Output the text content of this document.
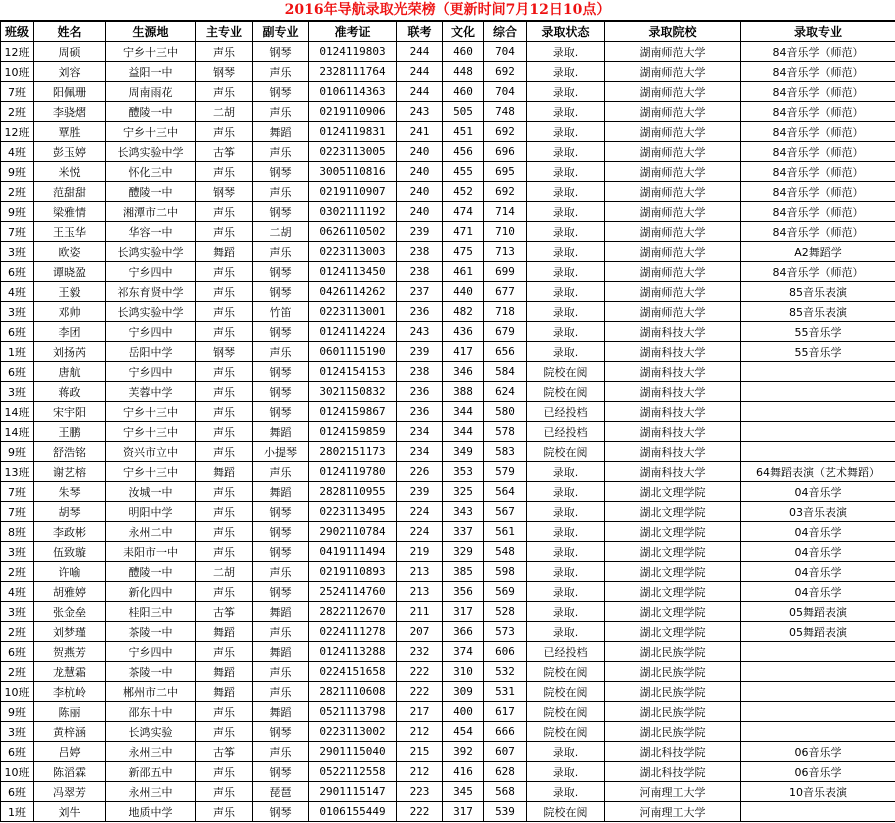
2016年导航录取光荣榜（更新时间7月12日10点）
班级	姓名	生源地	主专业	副专业	准考证	联考	文化	综合	录取状态	录取院校	录取专业
12班	周硕	宁乡十三中	声乐	钢琴	0124119803	244	460	704	录取.	湖南师范大学	84音乐学（师范）
10班	刘容	益阳一中	钢琴	声乐	2328111764	244	448	692	录取.	湖南师范大学	84音乐学（师范）
7班	阳佩珊	周南雨花	声乐	钢琴	0106114363	244	460	704	录取.	湖南师范大学	84音乐学（师范）
2班	李骁熠	醴陵一中	二胡	声乐	0219110906	243	505	748	录取.	湖南师范大学	84音乐学（师范）
12班	覃胜	宁乡十三中	声乐	舞蹈	0124119831	241	451	692	录取.	湖南师范大学	84音乐学（师范）
4班	彭玉婷	长鸿实验中学	古筝	声乐	0223113005	240	456	696	录取.	湖南师范大学	84音乐学（师范）
9班	米悦	怀化三中	声乐	钢琴	3005110816	240	455	695	录取.	湖南师范大学	84音乐学（师范）
2班	范甜甜	醴陵一中	钢琴	声乐	0219110907	240	452	692	录取.	湖南师范大学	84音乐学（师范）
9班	梁雅情	湘潭市二中	声乐	钢琴	0302111192	240	474	714	录取.	湖南师范大学	84音乐学（师范）
7班	王玉华	华容一中	声乐	二胡	0626110502	239	471	710	录取.	湖南师范大学	84音乐学（师范）
3班	欧姿	长鸿实验中学	舞蹈	声乐	0223113003	238	475	713	录取.	湖南师范大学	A2舞蹈学
6班	谭晓盈	宁乡四中	声乐	钢琴	0124113450	238	461	699	录取.	湖南师范大学	84音乐学（师范）
4班	王毅	祁东育贤中学	声乐	钢琴	0426114262	237	440	677	录取.	湖南师范大学	85音乐表演
3班	邓帅	长鸿实验中学	声乐	竹笛	0223113001	236	482	718	录取.	湖南师范大学	85音乐表演
6班	李团	宁乡四中	声乐	钢琴	0124114224	243	436	679	录取.	湖南科技大学	55音乐学
1班	刘扬芮	岳阳中学	钢琴	声乐	0601115190	239	417	656	录取.	湖南科技大学	55音乐学
6班	唐航	宁乡四中	声乐	钢琴	0124154153	238	346	584	院校在阅	湖南科技大学	
3班	蒋政	芙蓉中学	声乐	钢琴	3021150832	236	388	624	院校在阅	湖南科技大学	
14班	宋宇阳	宁乡十三中	声乐	钢琴	0124159867	236	344	580	已经投档	湖南科技大学	
14班	王鹏	宁乡十三中	声乐	舞蹈	0124159859	234	344	578	已经投档	湖南科技大学	
9班	舒浩铭	资兴市立中	声乐	小提琴	2802151173	234	349	583	院校在阅	湖南科技大学	
13班	谢艺榕	宁乡十三中	舞蹈	声乐	0124119780	226	353	579	录取.	湖南科技大学	64舞蹈表演（艺术舞蹈）
7班	朱琴	汝城一中	声乐	舞蹈	2828110955	239	325	564	录取.	湖北文理学院	04音乐学
7班	胡琴	明阳中学	声乐	钢琴	0223113495	224	343	567	录取.	湖北文理学院	03音乐表演
8班	李政彬	永州二中	声乐	钢琴	2902110784	224	337	561	录取.	湖北文理学院	04音乐学
3班	伍致璇	耒阳市一中	声乐	钢琴	0419111494	219	329	548	录取.	湖北文理学院	04音乐学
2班	许喻	醴陵一中	二胡	声乐	0219110893	213	385	598	录取.	湖北文理学院	04音乐学
4班	胡雅婷	新化四中	声乐	钢琴	2524114760	213	356	569	录取.	湖北文理学院	04音乐学
3班	张金垒	桂阳三中	古筝	舞蹈	2822112670	211	317	528	录取.	湖北文理学院	05舞蹈表演
2班	刘梦瑾	茶陵一中	舞蹈	声乐	0224111278	207	366	573	录取.	湖北文理学院	05舞蹈表演
6班	贺燕芳	宁乡四中	声乐	舞蹈	0124113288	232	374	606	已经投档	湖北民族学院	
2班	龙慧霜	茶陵一中	舞蹈	声乐	0224151658	222	310	532	院校在阅	湖北民族学院	
10班	李杭岭	郴州市二中	舞蹈	声乐	2821110608	222	309	531	院校在阅	湖北民族学院	
9班	陈丽	邵东十中	声乐	舞蹈	0521113798	217	400	617	院校在阅	湖北民族学院	
3班	黄梓涵	长鸿实验	声乐	钢琴	0223113002	212	454	666	院校在阅	湖北民族学院	
6班	吕婷	永州三中	古筝	声乐	2901115040	215	392	607	录取.	湖北科技学院	06音乐学
10班	陈滔霖	新邵五中	声乐	钢琴	0522112558	212	416	628	录取.	湖北科技学院	06音乐学
6班	冯翠芳	永州三中	声乐	琵琶	2901115147	223	345	568	录取.	河南理工大学	10音乐表演
1班	刘牛	地质中学	声乐	钢琴	0106155449	222	317	539	院校在阅	河南理工大学	
